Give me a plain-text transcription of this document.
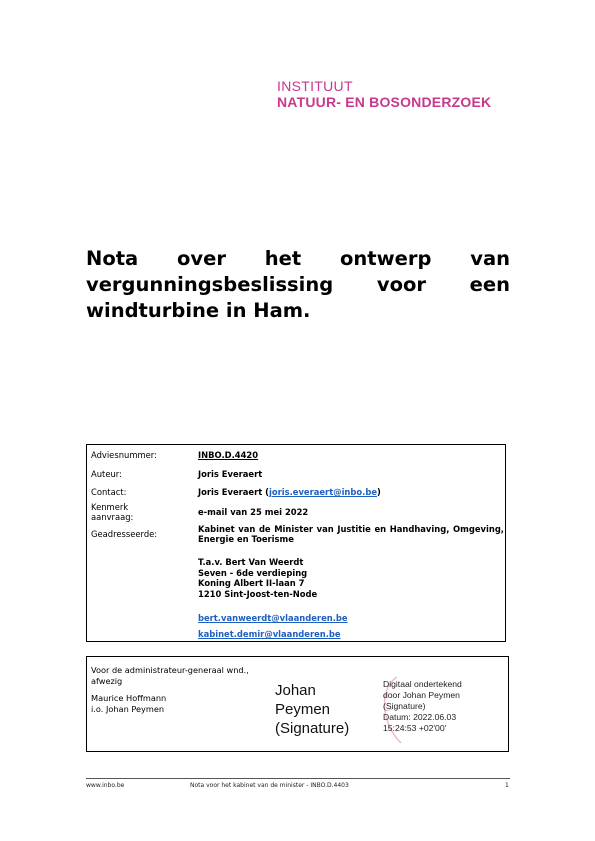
INSTITUUT
NATUUR- EN BOSONDERZOEK
Nota over het ontwerp van
vergunningsbeslissing voor een
windturbine in Ham.
Adviesnummer:	INBO.D.4420
Auteur:	Joris Everaert
Contact:	Joris Everaert (joris.everaert@inbo.be)
Kenmerk aanvraag:	e-mail van 25 mei 2022
Geadresseerde:	Kabinet van de Minister van Justitie en Handhaving, Omgeving, Energie en Toerisme
T.a.v. Bert Van Weerdt
Seven - 6de verdieping
Koning Albert II-laan 7
1210 Sint-Joost-ten-Node
bert.vanweerdt@vlaanderen.be
kabinet.demir@vlaanderen.be
Voor de administrateur-generaal wnd.,
afwezig
Maurice Hoffmann
i.o. Johan Peymen
Johan
Peymen
(Signature)
Digitaal ondertekend
door Johan Peymen
(Signature)
Datum: 2022.06.03
15:24:53 +02'00'
www.inbo.be	Nota voor het kabinet van de minister - INBO.D.4403	1
